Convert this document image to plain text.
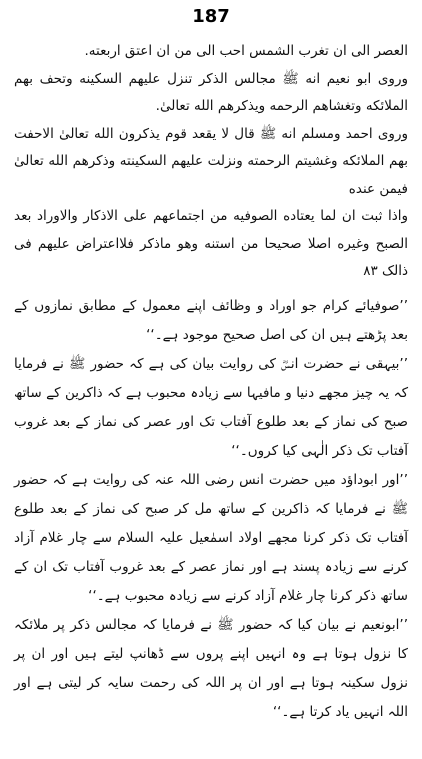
187

العصر الی ان تغرب الشمس احب الی من ان اعتق اربعته.

وروی ابو نعیم انه ﷺ مجالس الذکر تنزل علیهم السکینه وتحف بهم الملائکه وتغشاهم الرحمه ویذکرهم الله تعالیٰ.

وروی احمد ومسلم انه ﷺ قال لا یقعد قوم یذکرون الله تعالیٰ الاحفت بهم الملائکه وغشیتم الرحمته ونزلت علیهم السکینته وذکرهم الله تعالیٰ فیمن عنده

واذا ثبت ان لما یعتاده الصوفیه من اجتماعهم علی الاذکار والاوراد بعد الصبح وغیره اصلا صحیحا من استنه وهو ماذکر فلااعتراض علیهم فی ذالک ۸۳

’’صوفیائے کرام جو اوراد و وظائف اپنے معمول کے مطابق نمازوں کے بعد پڑھتے ہیں ان کی اصل صحیح موجود ہے۔‘‘

’’بیہقی نے حضرت انسؓ کی روایت بیان کی ہے کہ حضور ﷺ نے فرمایا کہ یہ چیز مجھے دنیا و مافیہا سے زیادہ محبوب ہے کہ ذاکرین کے ساتھ صبح کی نماز کے بعد طلوع آفتاب تک اور عصر کی نماز کے بعد غروب آفتاب تک ذکر الٰہی کیا کروں۔‘‘

’’اور ابوداؤد میں حضرت انس رضی اللہ عنہ کی روایت ہے کہ حضور ﷺ نے فرمایا کہ ذاکرین کے ساتھ مل کر صبح کی نماز کے بعد طلوع آفتاب تک ذکر کرنا مجھے اولاد اسمٰعیل علیہ السلام سے چار غلام آزاد کرنے سے زیادہ پسند ہے اور نماز عصر کے بعد غروب آفتاب تک ان کے ساتھ ذکر کرنا چار غلام آزاد کرنے سے زیادہ محبوب ہے۔‘‘

’’ابونعیم نے بیان کیا کہ حضور ﷺ نے فرمایا کہ مجالس ذکر پر ملائکہ کا نزول ہوتا ہے وہ انہیں اپنے پروں سے ڈھانپ لیتے ہیں اور ان پر نزول سکینہ ہوتا ہے اور ان پر اللہ کی رحمت سایہ کر لیتی ہے اور اللہ انہیں یاد کرتا ہے۔‘‘
